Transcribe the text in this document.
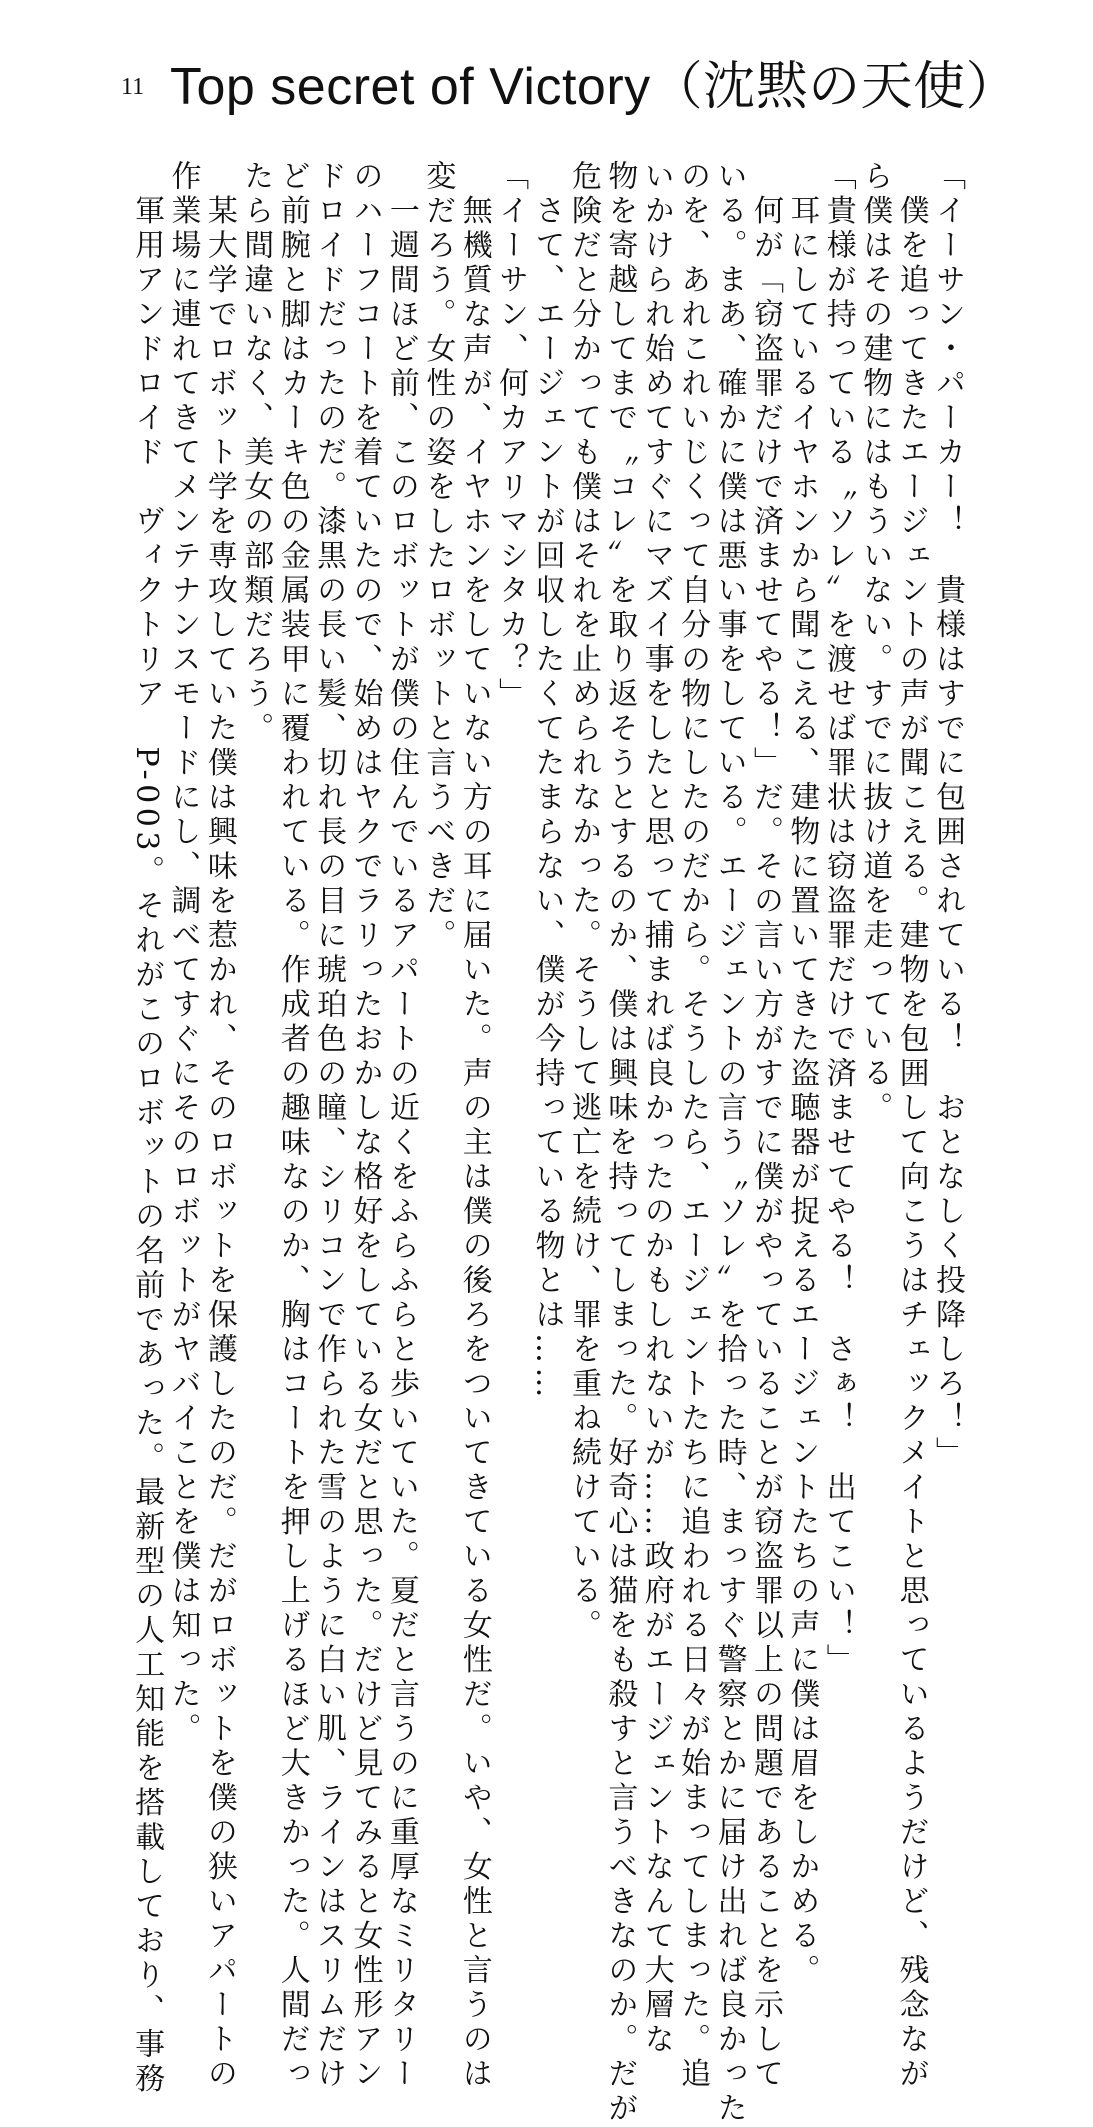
11 Top secret of Victory（沈黙の天使）

「イーサン・パーカー！　貴様はすでに包囲されている！　おとなしく投降しろ！」

　僕を追ってきたエージェントの声が聞こえる。建物を包囲して向こうはチェックメイトと思っているようだけど、残念なが

ら僕はその建物にはもういない。すでに抜け道を走っている。

「貴様が持っている〝ソレ〟を渡せば罪状は窃盗罪だけで済ませてやる！　さぁ！　出てこい！」

　耳にしているイヤホンから聞こえる、建物に置いてきた盗聴器が捉えるエージェントたちの声に僕は眉をしかめる。

　何が「窃盗罪だけで済ませてやる！」だ。その言い方がすでに僕がやっていることが窃盗罪以上の問題であることを示して

いる。まあ、確かに僕は悪い事をしている。エージェントの言う〝ソレ〟を拾った時、まっすぐ警察とかに届け出れば良かった

のを、あれこれいじくって自分の物にしたのだから。そうしたら、エージェントたちに追われる日々が始まってしまった。追

いかけられ始めてすぐにマズイ事をしたと思って捕まれば良かったのかもしれないが……政府がエージェントなんて大層な

物を寄越してまで〝コレ〟を取り返そうとするのか、僕は興味を持ってしまった。好奇心は猫をも殺すと言うべきなのか。だが

危険だと分かっても僕はそれを止められなかった。そうして逃亡を続け、罪を重ね続けている。

　さて、エージェントが回収したくてたまらない、僕が今持っている物とは……

「イーサン、何カアリマシタカ？」

　無機質な声が、イヤホンをしていない方の耳に届いた。声の主は僕の後ろをついてきている女性だ。いや、女性と言うのは

変だろう。女性の姿をしたロボットと言うべきだ。

　一週間ほど前、このロボットが僕の住んでいるアパートの近くをふらふらと歩いていた。夏だと言うのに重厚なミリタリー

のハーフコートを着ていたので、始めはヤクでラリったおかしな格好をしている女だと思った。だけど見てみると女性形アン

ドロイドだったのだ。漆黒の長い髪、切れ長の目に琥珀色の瞳、シリコンで作られた雪のように白い肌、ラインはスリムだけ

ど前腕と脚はカーキ色の金属装甲に覆われている。作成者の趣味なのか、胸はコートを押し上げるほど大きかった。人間だっ

たら間違いなく、美女の部類だろう。

　某大学でロボット学を専攻していた僕は興味を惹かれ、そのロボットを保護したのだ。だがロボットを僕の狭いアパートの

作業場に連れてきてメンテナンスモードにし、調べてすぐにそのロボットがヤバイことを僕は知った。

　軍用アンドロイド　ヴィクトリア　P-003。それがこのロボットの名前であった。最新型の人工知能を搭載しており、事務
